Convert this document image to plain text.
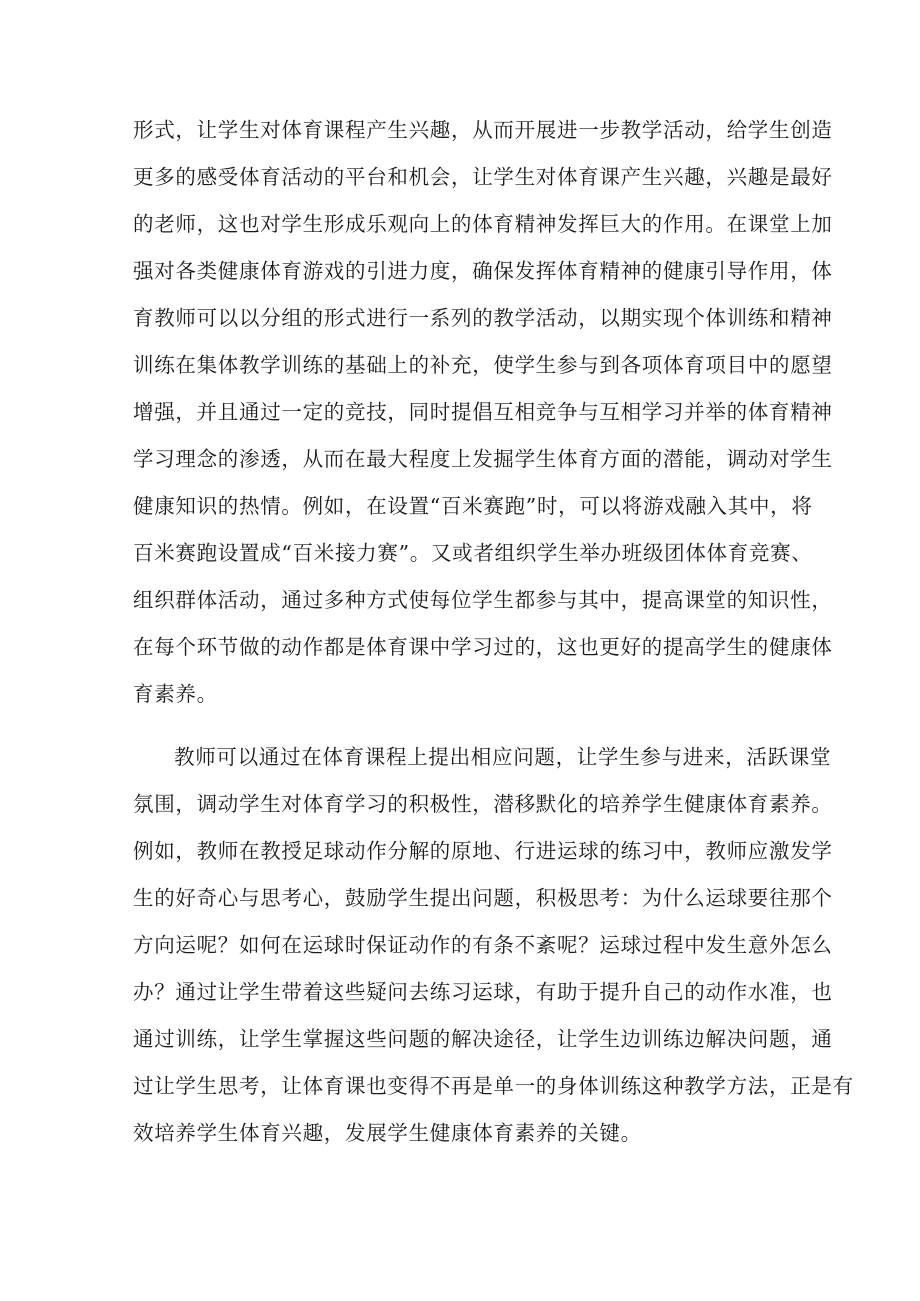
形式，让学生对体育课程产生兴趣，从而开展进一步教学活动，给学生创造
更多的感受体育活动的平台和机会，让学生对体育课产生兴趣，兴趣是最好
的老师，这也对学生形成乐观向上的体育精神发挥巨大的作用。在课堂上加
强对各类健康体育游戏的引进力度，确保发挥体育精神的健康引导作用，体
育教师可以以分组的形式进行一系列的教学活动，以期实现个体训练和精神
训练在集体教学训练的基础上的补充，使学生参与到各项体育项目中的愿望
增强，并且通过一定的竞技，同时提倡互相竞争与互相学习并举的体育精神
学习理念的渗透，从而在最大程度上发掘学生体育方面的潜能，调动对学生
健康知识的热情。例如，在设置“百米赛跑”时，可以将游戏融入其中，将
百米赛跑设置成“百米接力赛”。又或者组织学生举办班级团体体育竞赛、
组织群体活动，通过多种方式使每位学生都参与其中，提高课堂的知识性，
在每个环节做的动作都是体育课中学习过的，这也更好的提高学生的健康体
育素养。
教师可以通过在体育课程上提出相应问题，让学生参与进来，活跃课堂
氛围，调动学生对体育学习的积极性，潜移默化的培养学生健康体育素养。
例如，教师在教授足球动作分解的原地、行进运球的练习中，教师应激发学
生的好奇心与思考心，鼓励学生提出问题，积极思考：为什么运球要往那个
方向运呢？如何在运球时保证动作的有条不紊呢？运球过程中发生意外怎么
办？通过让学生带着这些疑问去练习运球，有助于提升自己的动作水准，也
通过训练，让学生掌握这些问题的解决途径，让学生边训练边解决问题，通
过让学生思考，让体育课也变得不再是单一的身体训练这种教学方法，正是有
效培养学生体育兴趣，发展学生健康体育素养的关键。
